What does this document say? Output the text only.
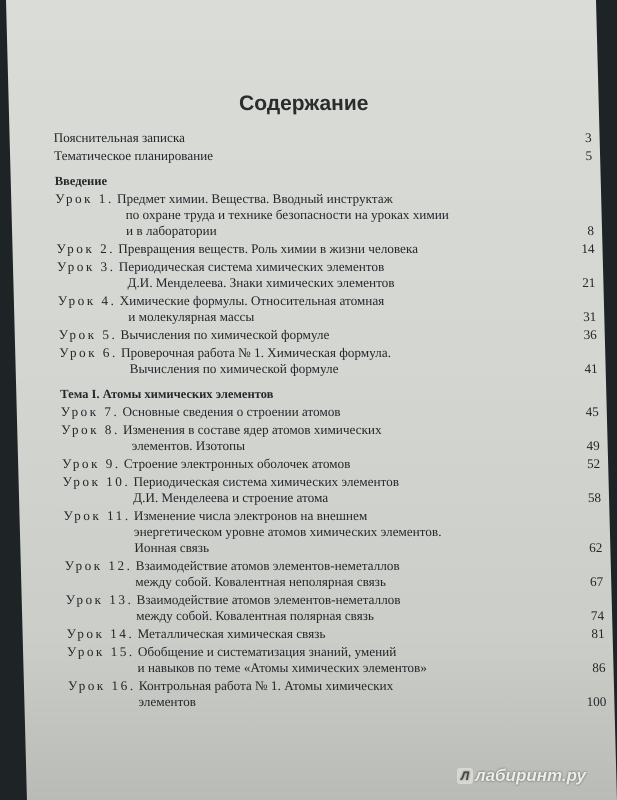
Содержание
Пояснительная записка	3
Тематическое планирование	5
Введение
Урок 1. Предмет химии. Вещества. Вводный инструктаж
по охране труда и технике безопасности на уроках химии
и в лаборатории	8
Урок 2. Превращения веществ. Роль химии в жизни человека	14
Урок 3. Периодическая система химических элементов
Д.И. Менделеева. Знаки химических элементов	21
Урок 4. Химические формулы. Относительная атомная
и молекулярная массы	31
Урок 5. Вычисления по химической формуле	36
Урок 6. Проверочная работа № 1. Химическая формула.
Вычисления по химической формуле	41
Тема I. Атомы химических элементов
Урок 7. Основные сведения о строении атомов	45
Урок 8. Изменения в составе ядер атомов химических
элементов. Изотопы	49
Урок 9. Строение электронных оболочек атомов	52
Урок 10. Периодическая система химических элементов
Д.И. Менделеева и строение атома	58
Урок 11. Изменение числа электронов на внешнем
энергетическом уровне атомов химических элементов.
Ионная связь	62
Урок 12. Взаимодействие атомов элементов-неметаллов
между собой. Ковалентная неполярная связь	67
Урок 13. Взаимодействие атомов элементов-неметаллов
между собой. Ковалентная полярная связь	74
Урок 14. Металлическая химическая связь	81
Урок 15. Обобщение и систематизация знаний, умений
и навыков по теме «Атомы химических элементов»	86
Урок 16. Контрольная работа № 1. Атомы химических
элементов	100
Л лабиринт.ру
